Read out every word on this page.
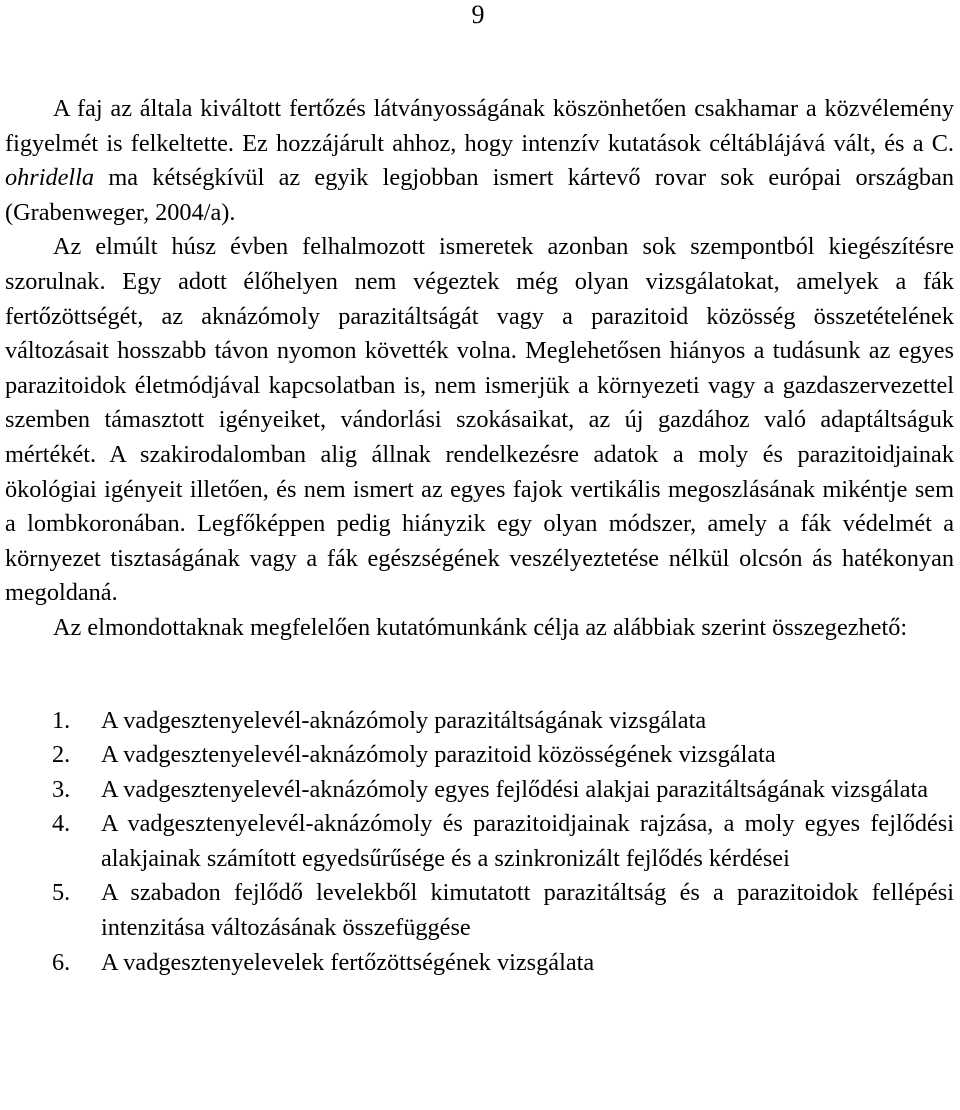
9

A faj az általa kiváltott fertőzés látványosságának köszönhetően csakhamar a közvélemény figyelmét is felkeltette. Ez hozzájárult ahhoz, hogy intenzív kutatások céltáblájává vált, és a C. ohridella ma kétségkívül az egyik legjobban ismert kártevő rovar sok európai országban (Grabenweger, 2004/a).

Az elmúlt húsz évben felhalmozott ismeretek azonban sok szempontból kiegészítésre szorulnak. Egy adott élőhelyen nem végeztek még olyan vizsgálatokat, amelyek a fák fertőzöttségét, az aknázómoly parazitáltságát vagy a parazitoid közösség összetételének változásait hosszabb távon nyomon követték volna. Meglehetősen hiányos a tudásunk az egyes parazitoidok életmódjával kapcsolatban is, nem ismerjük a környezeti vagy a gazdaszervezettel szemben támasztott igényeiket, vándorlási szokásaikat, az új gazdához való adaptáltságuk mértékét. A szakirodalomban alig állnak rendelkezésre adatok a moly és parazitoidjainak ökológiai igényeit illetően, és nem ismert az egyes fajok vertikális megoszlásának mikéntje sem a lombkoronában. Legfőképpen pedig hiányzik egy olyan módszer, amely a fák védelmét a környezet tisztaságának vagy a fák egészségének veszélyeztetése nélkül olcsón ás hatékonyan megoldaná.

Az elmondottaknak megfelelően kutatómunkánk célja az alábbiak szerint összegezhető:

1.	A vadgesztenyelevél-aknázómoly parazitáltságának vizsgálata
2.	A vadgesztenyelevél-aknázómoly parazitoid közösségének vizsgálata
3.	A vadgesztenyelevél-aknázómoly egyes fejlődési alakjai parazitáltságának vizsgálata
4.	A vadgesztenyelevél-aknázómoly és parazitoidjainak rajzása, a moly egyes fejlődési alakjainak számított egyedsűrűsége és a szinkronizált fejlődés kérdései
5.	A szabadon fejlődő levelekből kimutatott parazitáltság és a parazitoidok fellépési intenzitása változásának összefüggése
6.	A vadgesztenyelevelek fertőzöttségének vizsgálata
